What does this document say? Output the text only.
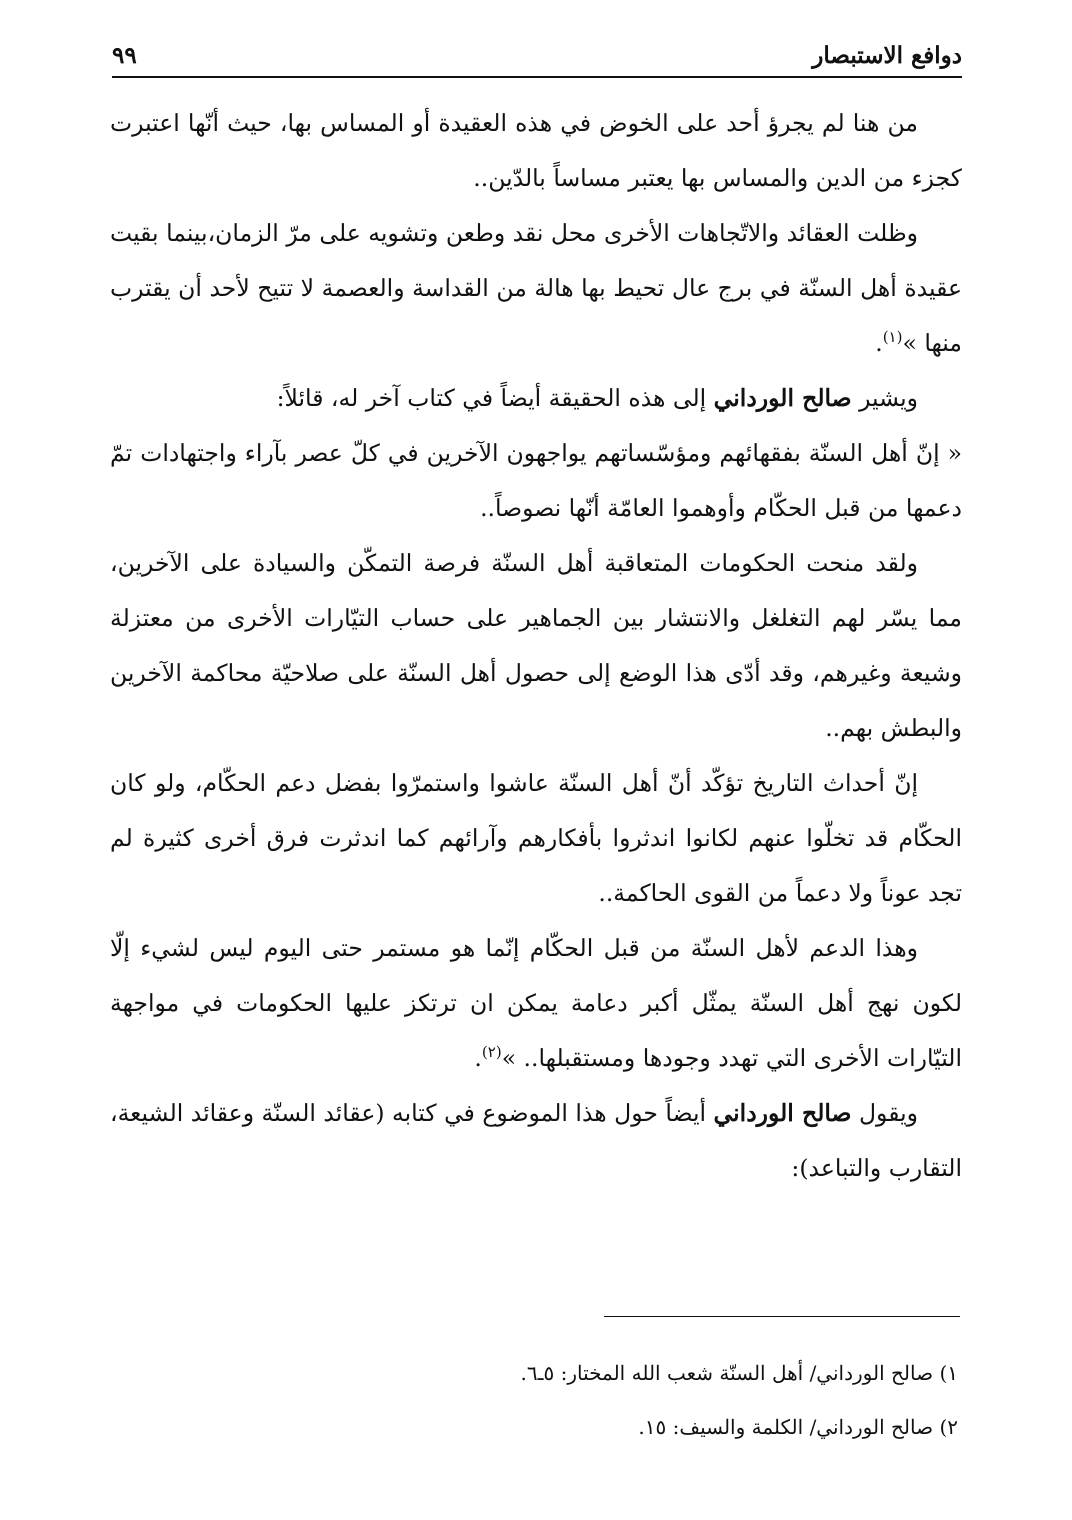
دوافع الاستبصار
٩٩

من هنا لم يجرؤ أحد على الخوض في هذه العقيدة أو المساس بها، حيث أنّها اعتبرت كجزء من الدين والمساس بها يعتبر مساساً بالدّين..

وظلت العقائد والاتّجاهات الأخرى محل نقد وطعن وتشويه على مرّ الزمان،بينما بقيت عقيدة أهل السنّة في برج عال تحيط بها هالة من القداسة والعصمة لا تتيح لأحد أن يقترب منها »$^{(١)}$.

ويشير صالح الورداني إلى هذه الحقيقة أيضاً في كتاب آخر له، قائلاً:

« إنّ أهل السنّة بفقهائهم ومؤسّساتهم يواجهون الآخرين في كلّ عصر بآراء واجتهادات تمّ دعمها من قبل الحكّام وأوهموا العامّة أنّها نصوصاً..

ولقد منحت الحكومات المتعاقبة أهل السنّة فرصة التمكّن والسيادة على الآخرين، مما يسّر لهم التغلغل والانتشار بين الجماهير على حساب التيّارات الأخرى من معتزلة وشيعة وغيرهم، وقد أدّى هذا الوضع إلى حصول أهل السنّة على صلاحيّة محاكمة الآخرين والبطش بهم..

إنّ أحداث التاريخ تؤكّد أنّ أهل السنّة عاشوا واستمرّوا بفضل دعم الحكّام، ولو كان الحكّام قد تخلّوا عنهم لكانوا اندثروا بأفكارهم وآرائهم كما اندثرت فرق أخرى كثيرة لم تجد عوناً ولا دعماً من القوى الحاكمة..

وهذا الدعم لأهل السنّة من قبل الحكّام إنّما هو مستمر حتى اليوم ليس لشيء إلّا لكون نهج أهل السنّة يمثّل أكبر دعامة يمكن ان ترتكز عليها الحكومات في مواجهة التيّارات الأخرى التي تهدد وجودها ومستقبلها.. »$^{(٢)}$.

ويقول صالح الورداني أيضاً حول هذا الموضوع في كتابه (عقائد السنّة وعقائد الشيعة، التقارب والتباعد):

١) صالح الورداني/ أهل السنّة شعب الله المختار: ٥ـ٦.

٢) صالح الورداني/ الكلمة والسيف: ١٥.
